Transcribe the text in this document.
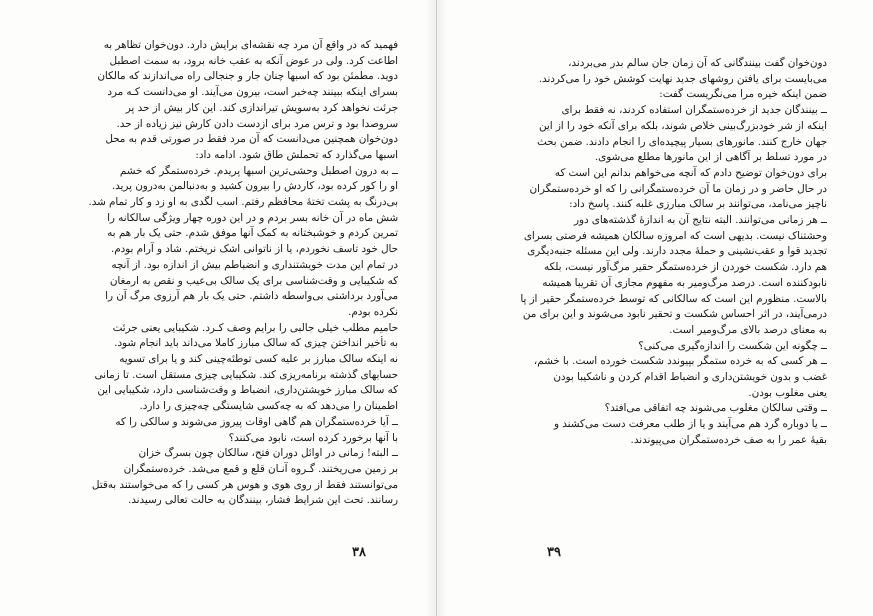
فهمید که در واقع آن مرد چه نقشه‌ای برایش دارد. دون‌خوان تظاهر به

اطاعت کرد. ولی در عوض آنکه به عقب خانه برود، به سمت اصطبل

دوید. مطمئن بود که اسبها چنان جار و جنجالی راه می‌اندازند که مالکان

بسرای اینکه ببینند چه‌خبر است، بیرون می‌آیند. او می‌دانست کـه مرد

جرئت نخواهد کرد به‌سویش تیراندازی کند. این کار بیش از حد پر

سروصدا بود و ترس مرد برای ازدست دادن کارش نیز زیاده از حد.

دون‌خوان همچنین می‌دانست که آن مرد فقط در صورتی قدم به محل

اسبها می‌گذارد که تحملش طاق شود. ادامه داد:

ــ به درون اصطبل وحشی‌ترین اسبها پریدم. خرده‌ستمگر که خشم

او را کور کرده بود، کاردش را بیرون کشید و به‌دنبالمن به‌درون پرید.

بی‌درنگ به پشت تختهٔ محافظم رفتم. اسب لگدی به او زد و کار تمام شد.

شش ماه در آن خانه بسر بردم و در این دوره چهار ویژگی سالکانه را

تمرین کردم و خوشبختانه به کمک آنها موفق شدم. حتی یک بار هم به

حال خود تاسف نخوردم، یا از ناتوانی اشک نریختم. شاد و آرام بودم.

در تمام این مدت خویشتنداری و انضباطم بیش از اندازه بود. از آنچه

که شکیبایی و وقت‌شناسی برای یک سالک بی‌عیب و نقص به ارمغان

می‌آورد برداشتی بی‌واسطه داشتم. حتی یک بار هم آرزوی مرگ آن را

نکرده بودم.

حامیم مطلب خیلی جالبی را برایم وصف کـرد. شکیبایی یعنی جرئت

به تأخیر انداختن چیزی که سالک مبارز کاملا می‌داند باید انجام شود.

نه اینکه سالک مبارز بر علیه کسی توطئه‌چینی کند و یا برای تسویه

حسابهای گذشته برنامه‌ریزی کند. شکیبایی چیزی مستقل است. تا زمانی

که سالک مبارز خویشتن‌داری، انضباط و وقت‌شناسی دارد، شکیبایی این

اطمینان را می‌دهد که به چه‌کسی شایستگی چه‌چیزی را دارد.

ــ آیا خرده‌ستمگران هم گاهی اوقات پیروز می‌شوند و سالکی را که

با آنها برخورد کرده است، نابود می‌کنند؟

ــ البته! زمانی در اوائل دوران فتح، سالکان چون بسرگ خزان

بر زمین می‌ریختند. گـروه آنـان قلع و قمع می‌شد. خرده‌ستمگران

می‌توانستند فقط از روی هوی و هوس هر کسی را که می‌خواستند به‌قتل

رسانند. تحت این شرایط فشار، بینندگان به حالت تعالی رسیدند.

۳۸

دون‌خوان گفت بینندگانی که آن زمان جان سالم بدر می‌بردند،

می‌بایست برای یافتن روشهای جدید نهایت کوشش خود را می‌کردند.

ضمن اینکه خیره مرا می‌نگریست گفت:

ــ بینندگان جدید از خرده‌ستمگران استفاده کردند، نه فقط برای

اینکه از شر خودبزرگ‌بینی خلاص شوند، بلکه برای آنکه خود را از این

جهان خارج کنند. مانورهای بسیار پیچیده‌ای را انجام دادند. ضمن بحث

در مورد تسلط بر آگاهی از این مانورها مطلع می‌شوی.

برای دون‌خوان توضیح دادم که آنچه می‌خواهم بدانم این است که

در حال حاضر و در زمان ما آن خرده‌ستمگرانی را که او خرده‌ستمگران

ناچیز می‌نامد، می‌توانند بر سالک مبارزی غلبه کنند. پاسخ داد:

ــ هر زمانی می‌توانند. البته نتایج آن به اندازهٔ گذشته‌های دور

وحشتناک نیست. بدیهی است که امروزه سالکان همیشه فرصتی بسرای

تجدید قوا و عقب‌نشینی و حملهٔ مجدد دارند. ولی این مسئله جنبه‌دیگری

هم دارد. شکست خوردن از خرده‌ستمگر حقیر مرگ‌آور نیست، بلکه

نابودکننده است. درصد مرگ‌ومیر به مفهوم مجازی آن تقریبا همیشه

بالاست. منظورم این است که سالکانی که توسط خرده‌ستمگر حقیر از پا

درمی‌آیند، در اثر احساس شکست و تحقیر نابود می‌شوند و این برای من

به معنای درصد بالای مرگ‌ومیر است.

ــ چگونه این شکست را اندازه‌گیری می‌کنی؟

ــ هر کسی که به خرده ستمگر بپیوندد شکست خورده است. با خشم،

غضب و بدون خویشتن‌داری و انضباط اقدام کردن و ناشکیبا بودن

یعنی مغلوب بودن.

ــ وقتی سالکان مغلوب می‌شوند چه اتفاقی می‌افتد؟

ــ یا دوباره گرد هم می‌آیند و یا از طلب معرفت دست می‌کشند و

بقیهٔ عمر را به صف خرده‌ستمگران می‌پیوندند.

۳۹
